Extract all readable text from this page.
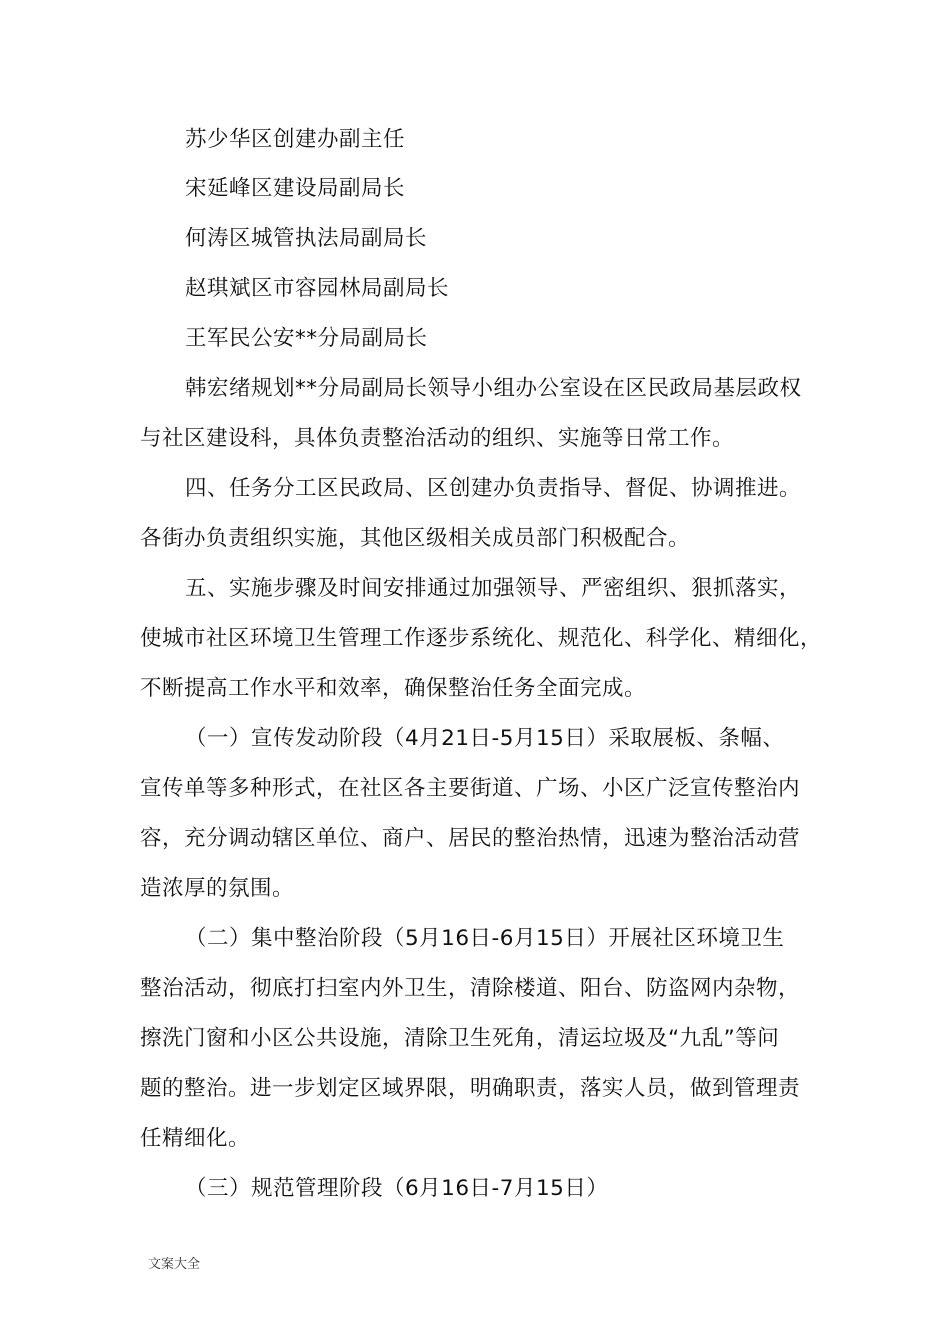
苏少华区创建办副主任
宋延峰区建设局副局长
何涛区城管执法局副局长
赵琪斌区市容园林局副局长
王军民公安**分局副局长
韩宏绪规划**分局副局长领导小组办公室设在区民政局基层政权
与社区建设科，具体负责整治活动的组织、实施等日常工作。
四、任务分工区民政局、区创建办负责指导、督促、协调推进。
各街办负责组织实施，其他区级相关成员部门积极配合。
五、实施步骤及时间安排通过加强领导、严密组织、狠抓落实，
使城市社区环境卫生管理工作逐步系统化、规范化、科学化、精细化，
不断提高工作水平和效率，确保整治任务全面完成。
（一）宣传发动阶段（4月21日-5月15日）采取展板、条幅、
宣传单等多种形式，在社区各主要街道、广场、小区广泛宣传整治内
容，充分调动辖区单位、商户、居民的整治热情，迅速为整治活动营
造浓厚的氛围。
（二）集中整治阶段（5月16日-6月15日）开展社区环境卫生
整治活动，彻底打扫室内外卫生，清除楼道、阳台、防盗网内杂物，
擦洗门窗和小区公共设施，清除卫生死角，清运垃圾及“九乱”等问
题的整治。进一步划定区域界限，明确职责，落实人员，做到管理责
任精细化。
（三）规范管理阶段（6月16日-7月15日）
文案大全
